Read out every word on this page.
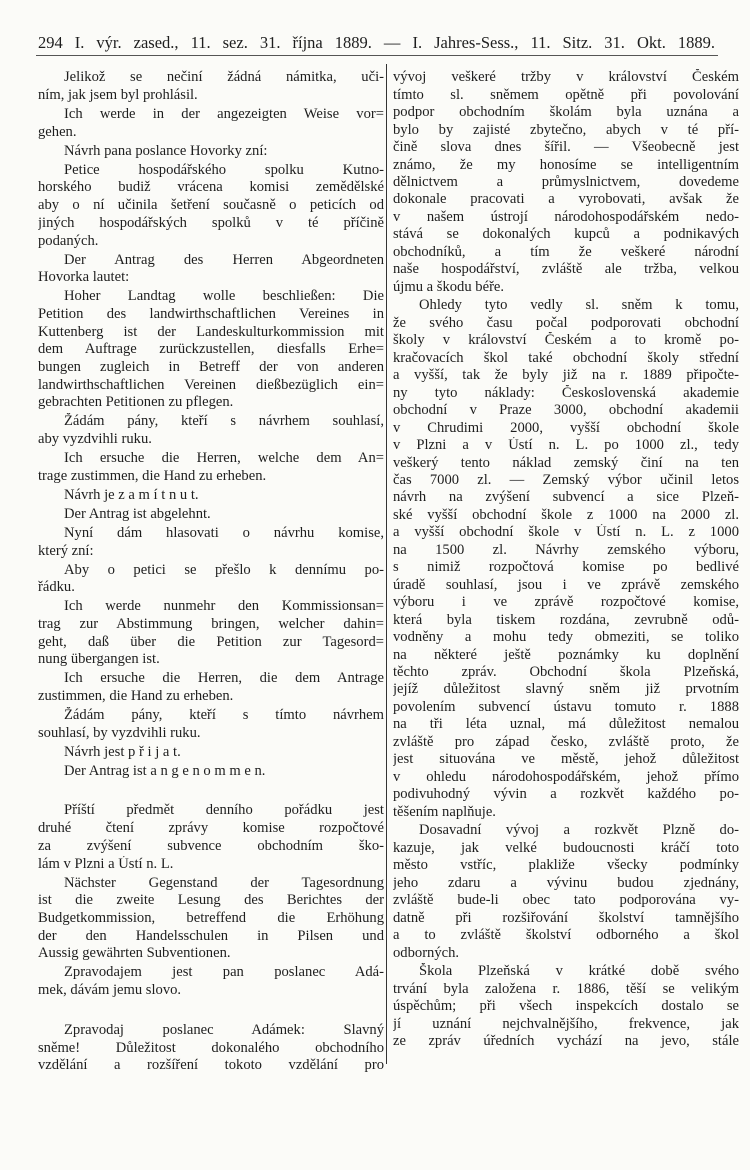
294 I. výr. zased., 11. sez. 31. října 1889. — I. Jahres-Sess., 11. Sitz. 31. Okt. 1889.
Jelikož se nečiní žádná námitka, uči-
ním, jak jsem byl prohlásil.
Ich werde in der angezeigten Weise vor=
gehen.
Návrh pana poslance Hovorky zní:
Petice hospodářského spolku Kutno-
horského budiž vrácena komisi zemědělské
aby o ní učinila šetření současně o peticích od
jiných hospodářských spolků v té příčině
podaných.
Der Antrag des Herren Abgeordneten
Hovorka lautet:
Hoher Landtag wolle beschließen: Die
Petition des landwirthschaftlichen Vereines in
Kuttenberg ist der Landeskulturkommission mit
dem Auftrage zurückzustellen, diesfalls Erhe=
bungen zugleich in Betreff der von anderen
landwirthschaftlichen Vereinen dießbezüglich ein=
gebrachten Petitionen zu pflegen.
Žádám pány, kteří s návrhem souhlasí,
aby vyzdvihli ruku.
Ich ersuche die Herren, welche dem An=
trage zustimmen, die Hand zu erheben.
Návrh je z a m í t n u t.
Der Antrag ist abgelehnt.
Nyní dám hlasovati o návrhu komise,
který zní:
Aby o petici se přešlo k dennímu po-
řádku.
Ich werde nunmehr den Kommissionsan=
trag zur Abstimmung bringen, welcher dahin=
geht, daß über die Petition zur Tagesord=
nung übergangen ist.
Ich ersuche die Herren, die dem Antrage
zustimmen, die Hand zu erheben.
Žádám pány, kteří s tímto návrhem
souhlasí, by vyzdvihli ruku.
Návrh jest p ř i j a t.
Der Antrag ist a n g e n o m m e n.
Příští předmět denního pořádku jest
druhé čtení zprávy komise rozpočtové
za zvýšení subvence obchodním ško-
lám v Plzni a Ústí n. L.
Nächster Gegenstand der Tagesordnung
ist die zweite Lesung des Berichtes der
Budgetkommission, betreffend die Erhöhung
der den Handelsschulen in Pilsen und
Aussig gewährten Subventionen.
Zpravodajem jest pan poslanec Adá-
mek, dávám jemu slovo.
Zpravodaj poslanec Adámek: Slavný
sněme! Důležitost dokonalého obchodního
vzdělání a rozšíření tokoto vzdělání pro
vývoj veškeré tržby v království Českém
tímto sl. sněmem opětně při povolování
podpor obchodním školám byla uznána a
bylo by zajisté zbytečno, abych v té pří-
čině slova dnes šířil. — Všeobecně jest
známo, že my honosíme se intelligentním
dělnictvem a průmyslnictvem, dovedeme
dokonale pracovati a vyrobovati, avšak že
v našem ústrojí národohospodářském nedo-
stává se dokonalých kupců a podnikavých
obchodníků, a tím že veškeré národní
naše hospodářství, zvláště ale tržba, velkou
újmu a škodu béře.
Ohledy tyto vedly sl. sněm k tomu,
že svého času počal podporovati obchodní
školy v království Českém a to kromě po-
kračovacích škol také obchodní školy střední
a vyšší, tak že byly již na r. 1889 připočte-
ny tyto náklady: Československá akademie
obchodní v Praze 3000, obchodní akademii
v Chrudimi 2000, vyšší obchodní škole
v Plzni a v Ústí n. L. po 1000 zl., tedy
veškerý tento náklad zemský činí na ten
čas 7000 zl. — Zemský výbor učinil letos
návrh na zvýšení subvencí a sice Plzeň-
ské vyšší obchodní škole z 1000 na 2000 zl.
a vyšší obchodní škole v Ústí n. L. z 1000
na 1500 zl. Návrhy zemského výboru,
s nimiž rozpočtová komise po bedlivé
úradě souhlasí, jsou i ve zprávě zemského
výboru i ve zprávě rozpočtové komise,
která byla tiskem rozdána, zevrubně odů-
vodněny a mohu tedy obmeziti, se toliko
na některé ještě poznámky ku doplnění
těchto zpráv. Obchodní škola Plzeňská,
jejíž důležitost slavný sněm již prvotním
povolením subvencí ústavu tomuto r. 1888
na tři léta uznal, má důležitost nemalou
zvláště pro západ česko, zvláště proto, že
jest situována ve městě, jehož důležitost
v ohledu národohospodářském, jehož přímo
podivuhodný vývin a rozkvět každého po-
těšením naplňuje.
Dosavadní vývoj a rozkvět Plzně do-
kazuje, jak velké budoucnosti kráčí toto
město vstříc, plakliže všecky podmínky
jeho zdaru a vývinu budou zjednány,
zvláště bude-li obec tato podporována vy-
datně při rozšiřování školství tamnějšího
a to zvláště školství odborného a škol
odborných.
Škola Plzeňská v krátké době svého
trvání byla založena r. 1886, těší se velikým
úspěchům; při všech inspekcích dostalo se
jí uznání nejchvalnějšího, frekvence, jak
ze zpráv úředních vychází na jevo, stále
